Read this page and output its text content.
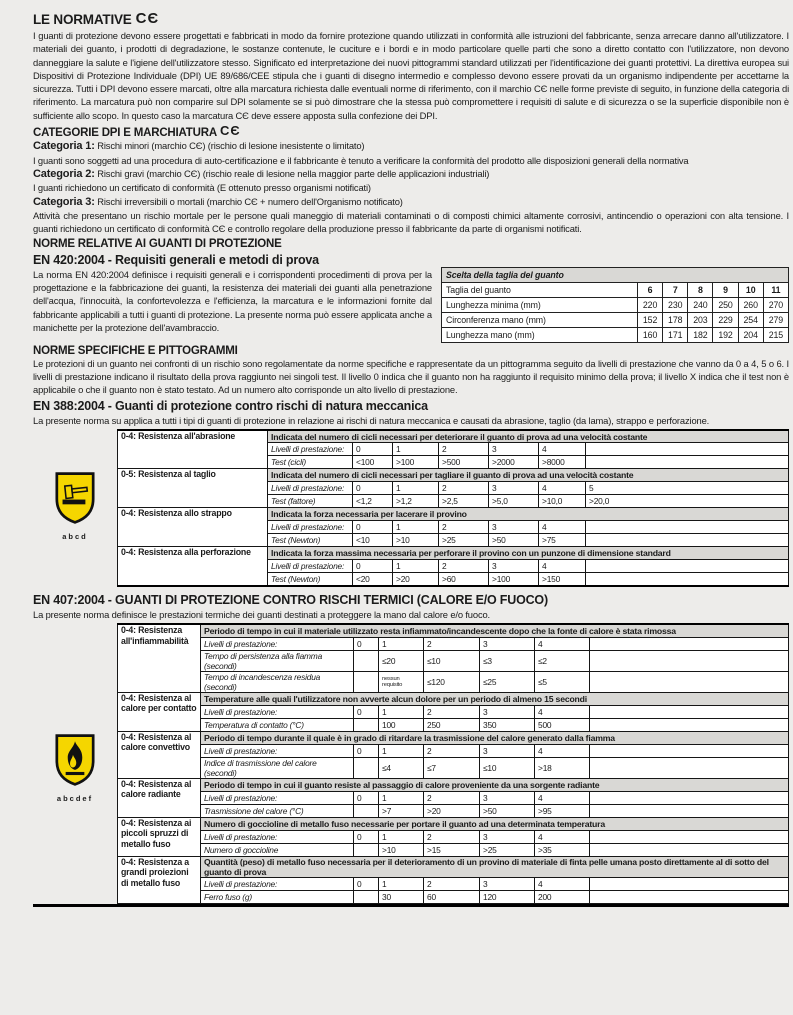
LE NORMATIVE CЄ

I guanti di protezione devono essere progettati e fabbricati in modo da fornire protezione quando utilizzati in conformità alle istruzioni del fabbricante, senza arrecare danno all'utilizzatore. I materiali dei guanto, i prodotti di degradazione, le sostanze contenute, le cuciture e i bordi e in modo particolare quelle parti che sono a diretto contatto con l'utilizzatore, non devono danneggiare la salute e l'igiene dell'utilizzatore stesso. Significato ed interpretazione dei nuovi pittogrammi standard utilizzati per l'identificazione dei guanti protettivi. La direttiva europea sui Dispositivi di Protezione Individuale (DPI) UE 89/686/CEE stipula che i guanti di disegno intermedio e complesso devono essere provati da un organismo indipendente per accettarne la sicurezza. Tutti i DPI devono essere marcati, oltre alla marcatura richiesta dalle eventuali norme di riferimento, con il marchio CЄ nelle forme previste di seguito, in funzione della categoria di riferimento. La marcatura può non comparire sul DPI solamente se si può dimostrare che la stessa può compromettere i requisiti di salute e di sicurezza o se la superficie disponibile non è sufficiente allo scopo. In questo caso la marcatura CЄ deve essere apposta sulla confezione dei DPI.

CATEGORIE DPI E MARCHIATURA CЄ

Categoria 1: Rischi minori (marchio CЄ) (rischio di lesione inesistente o limitato)

I guanti sono soggetti ad una procedura di auto-certificazione e il fabbricante è tenuto a verificare la conformità del prodotto alle disposizioni generali della normativa

Categoria 2: Rischi gravi (marchio CЄ) (rischio reale di lesione nella maggior parte delle applicazioni industriali)

I guanti richiedono un certificato di conformità (E ottenuto presso organismi notificati)

Categoria 3: Rischi irreversibili o mortali (marchio CЄ + numero dell'Organismo notificato)

Attività che presentano un rischio mortale per le persone quali maneggio di materiali contaminati o di composti chimici altamente corrosivi, antincendio o operazioni con alta tensione. I guanti richiedono un certificato di conformità CЄ e controllo regolare della produzione presso il fabbricante da parte di organismi notificati.

NORME RELATIVE AI GUANTI DI PROTEZIONE
EN 420:2004 - Requisiti generali e metodi di prova

La norma EN 420:2004 definisce i requisiti generali e i corrispondenti procedimenti di prova per la progettazione e la fabbricazione dei guanti, la resistenza dei materiali dei guanti alla penetrazione dell'acqua, l'innocuità, la confortevolezza e l'efficienza, la marcatura e le informazioni fornite dal fabbricante applicabili a tutti i guanti di protezione. La presente norma può essere applicata anche a manichette per la protezione dell'avambraccio.

Scelta della taglia del guanto						
Taglia del guanto	6	7	8	9	10	11
Lunghezza minima (mm)	220	230	240	250	260	270
Circonferenza mano (mm)	152	178	203	229	254	279
Lunghezza mano (mm)	160	171	182	192	204	215
NORME SPECIFICHE E PITTOGRAMMI

Le protezioni di un guanto nei confronti di un rischio sono regolamentate da norme specifiche e rappresentate da un pittogramma seguito da livelli di prestazione che vanno da 0 a 4, 5 o 6. I livelli di prestazione indicano il risultato della prova raggiunto nei singoli test. Il livello 0 indica che il guanto non ha raggiunto il requisito minimo della prova; il livello X indica che il test non è applicabile o che il guanto non è stato testato. Ad un numero alto corrisponde un alto livello di prestazione.

EN 388:2004 - Guanti di protezione contro rischi di natura meccanica

La presente norma su applica a tutti i tipi di guanti di protezione in relazione ai rischi di natura meccanica e causati da abrasione, taglio (da lama), strappo e perforazione.

abcd
0-4: Resistenza all'abrasione	Indicata del numero di cicli necessari per deteriorare il guanto di prova ad una velocità costante						
	Livelli di prestazione:	0	1	2	3	4	
	Test (cicli)	<100	>100	>500	>2000	>8000	
0-5: Resistenza al taglio	Indicata del numero di cicli necessari per tagliare il guanto di prova ad una velocità costante						
	Livelli di prestazione:	0	1	2	3	4	5
	Test (fattore)	<1,2	>1,2	>2,5	>5,0	>10,0	>20,0
0-4: Resistenza allo strappo	Indicata la forza necessaria per lacerare il provino						
	Livelli di prestazione:	0	1	2	3	4	
	Test (Newton)	<10	>10	>25	>50	>75	
0-4: Resistenza alla perforazione	Indicata la forza massima necessaria per perforare il provino con un punzone di dimensione standard						
	Livelli di prestazione:	0	1	2	3	4	
	Test (Newton)	<20	>20	>60	>100	>150	
EN 407:2004 - GUANTI DI PROTEZIONE CONTRO RISCHI TERMICI (CALORE E/O FUOCO)

La presente norma definisce le prestazioni termiche dei guanti destinati a proteggere la mano dal calore e/o fuoco.

abcdef
0-4: Resistenza all'infiammabilità	Periodo di tempo in cui il materiale utilizzato resta infiammato/incandescente dopo che la fonte di calore è stata rimossa						
	Livelli di prestazione:	0	1	2	3	4	
	Tempo di persistenza alla fiamma (secondi)		≤20	≤10	≤3	≤2	
	Tempo di incandescenza residua (secondi)		nessun requisito	≤120	≤25	≤5	
0-4: Resistenza al calore per contatto	Temperature alle quali l'utilizzatore non avverte alcun dolore per un periodo di almeno 15 secondi						
	Livelli di prestazione:	0	1	2	3	4	
	Temperatura di contatto (°C)		100	250	350	500	
0-4: Resistenza al calore convettivo	Periodo di tempo durante il quale è in grado di ritardare la trasmissione del calore generato dalla fiamma						
	Livelli di prestazione:	0	1	2	3	4	
	Indice di trasmissione del calore (secondi)		≤4	≤7	≤10	>18	
0-4: Resistenza al calore radiante	Periodo di tempo in cui il guanto resiste al passaggio di calore proveniente da una sorgente radiante						
	Livelli di prestazione:	0	1	2	3	4	
	Trasmissione del calore (°C)		>7	>20	>50	>95	
0-4: Resistenza ai piccoli spruzzi di metallo fuso	Numero di goccioline di metallo fuso necessarie per portare il guanto ad una determinata temperatura						
	Livelli di prestazione:	0	1	2	3	4	
	Numero di goccioline		>10	>15	>25	>35	
0-4: Resistenza a grandi proiezioni di metallo fuso	Quantità (peso) di metallo fuso necessaria per il deterioramento di un provino di materiale di finta pelle umana posto direttamente al di sotto del guanto di prova						
	Livelli di prestazione:	0	1	2	3	4	
	Ferro fuso (g)		30	60	120	200	
